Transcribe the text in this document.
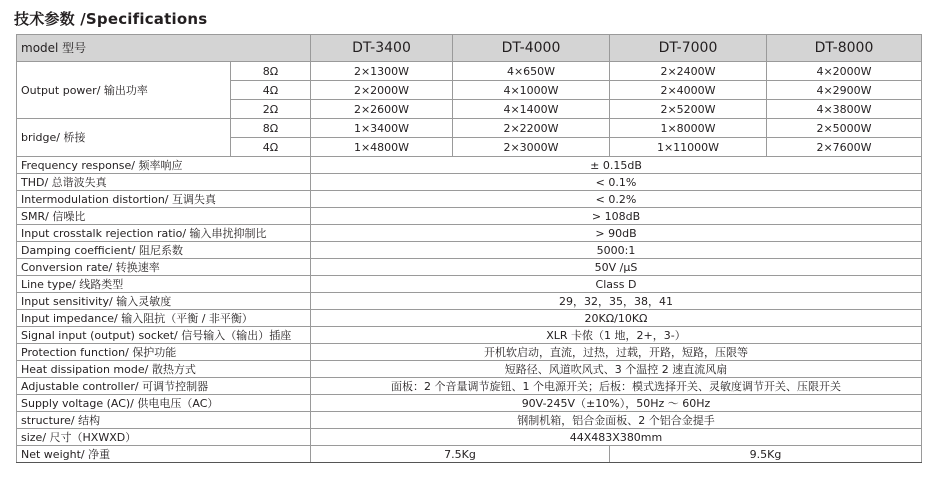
技术参数 /Specifications
model 型号		DT-3400	DT-4000	DT-7000	DT-8000
Output power/ 输出功率	8Ω	2×1300W	4×650W	2×2400W	4×2000W
	4Ω	2×2000W	4×1000W	2×4000W	4×2900W
	2Ω	2×2600W	4×1400W	2×5200W	4×3800W
bridge/ 桥接	8Ω	1×3400W	2×2200W	1×8000W	2×5000W
	4Ω	1×4800W	2×3000W	1×11000W	2×7600W
Frequency response/ 频率响应		± 0.15dB			
THD/ 总谐波失真		< 0.1%			
Intermodulation distortion/ 互调失真		< 0.2%			
SMR/ 信噪比		> 108dB			
Input crosstalk rejection ratio/ 输入串扰抑制比		> 90dB			
Damping coefficient/ 阻尼系数		5000:1			
Conversion rate/ 转换速率		50V /μS			
Line type/ 线路类型		Class D			
Input sensitivity/ 输入灵敏度		29，32，35，38，41			
Input impedance/ 输入阻抗（平衡 / 非平衡）		20KΩ/10KΩ			
Signal input (output) socket/ 信号输入（输出）插座		XLR 卡侬（1 地，2+，3-）			
Protection function/ 保护功能		开机软启动，直流，过热，过载，开路，短路，压限等			
Heat dissipation mode/ 散热方式		短路径、风道吹风式、3 个温控 2 速直流风扇			
Adjustable controller/ 可调节控制器		面板：2 个音量调节旋钮、1 个电源开关；后板：模式选择开关、灵敏度调节开关、压限开关			
Supply voltage (AC)/ 供电电压（AC）		90V-245V（±10%），50Hz ～ 60Hz			
structure/ 结构		钢制机箱，铝合金面板、2 个铝合金提手			
size/ 尺寸（HXWXD）		44X483X380mm			
Net weight/ 净重		7.5Kg		9.5Kg	
